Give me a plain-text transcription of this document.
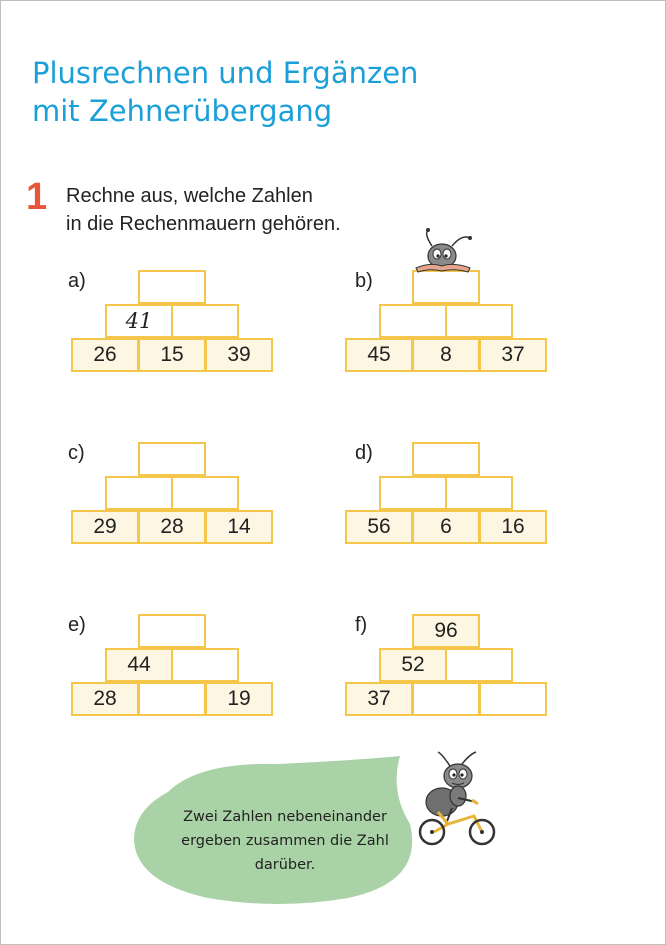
Plusrechnen und Ergänzen
mit Zehnerübergang
1 Rechne aus, welche Zahlen
in die Rechenmauern gehören.
a)
41
26	15	39
b)
45	8	37
c)
29	28	14
d)
56	6	16
e)
44
28	19
f)	96
52
37
Zwei Zahlen nebeneinander
ergeben zusammen die Zahl
darüber.
